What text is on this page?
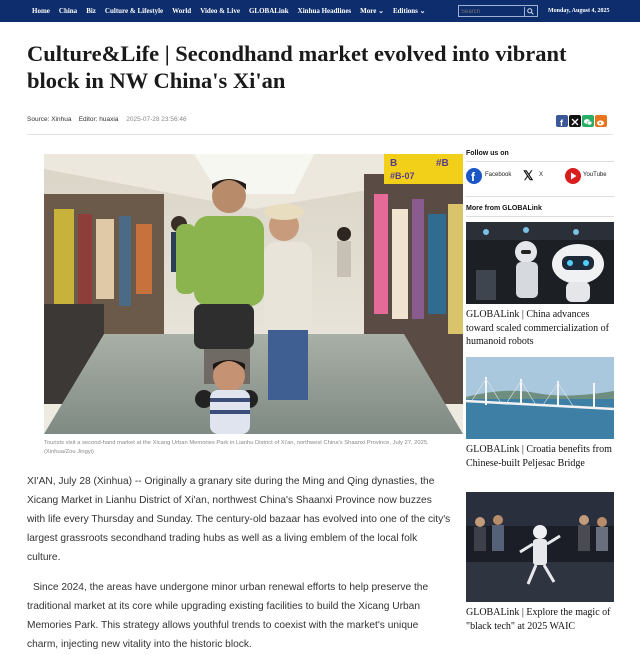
Home China Biz Culture & Lifestyle World Video & Live GLOBALink Xinhua Headlines More ⌄ Editions ⌄
Search	Monday, August 4, 2025
Culture&Life | Secondhand market evolved into vibrant block in NW China's Xi'an
Source: Xinhua Editor: huaxia 2025-07-28 23:56:46	f
B	#B
#B-07
Tourists visit a second-hand market at the Xicang Urban Memories Park in Lianhu District of Xi'an, northwest China's Shaanxi Province, July 27, 2025. (Xinhua/Zou Jingyi)

XI'AN, July 28 (Xinhua) -- Originally a granary site during the Ming and Qing dynasties, the Xicang Market in Lianhu District of Xi'an, northwest China's Shaanxi Province now buzzes with life every Thursday and Sunday. The century-old bazaar has evolved into one of the city's largest grassroots secondhand trading hubs as well as a living emblem of the local folk culture.

Since 2024, the areas have undergone minor urban renewal efforts to help preserve the traditional market at its core while upgrading existing facilities to build the Xicang Urban Memories Park. This strategy allows youthful trends to coexist with the market's unique charm, injecting new vitality into the historic block.

Follow us on
f Facebook 𝕏 X	YouTube
More from GLOBALink
GLOBALink | China advances toward scaled commercialization of humanoid robots
GLOBALink | Croatia benefits from Chinese-built Peljesac Bridge
GLOBALink | Explore the magic of "black tech" at 2025 WAIC
